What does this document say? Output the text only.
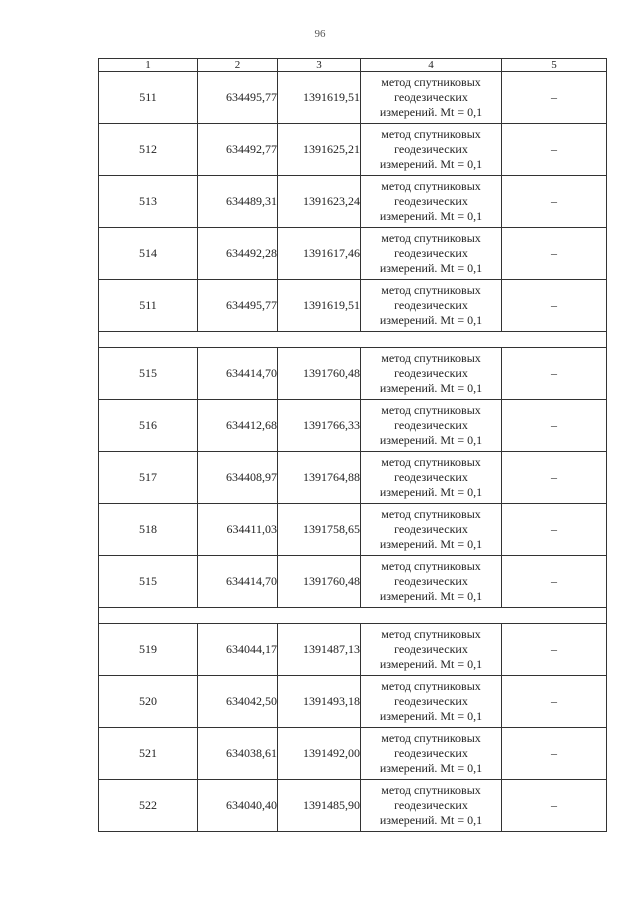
96
1	2	3	4	5
511	634495,77	1391619,51	метод спутниковых
геодезических
измерений. Mt = 0,1	–
512	634492,77	1391625,21	метод спутниковых
геодезических
измерений. Mt = 0,1	–
513	634489,31	1391623,24	метод спутниковых
геодезических
измерений. Mt = 0,1	–
514	634492,28	1391617,46	метод спутниковых
геодезических
измерений. Mt = 0,1	–
511	634495,77	1391619,51	метод спутниковых
геодезических
измерений. Mt = 0,1	–

515	634414,70	1391760,48	метод спутниковых
геодезических
измерений. Mt = 0,1	–
516	634412,68	1391766,33	метод спутниковых
геодезических
измерений. Mt = 0,1	–
517	634408,97	1391764,88	метод спутниковых
геодезических
измерений. Mt = 0,1	–
518	634411,03	1391758,65	метод спутниковых
геодезических
измерений. Mt = 0,1	–
515	634414,70	1391760,48	метод спутниковых
геодезических
измерений. Mt = 0,1	–

519	634044,17	1391487,13	метод спутниковых
геодезических
измерений. Mt = 0,1	–
520	634042,50	1391493,18	метод спутниковых
геодезических
измерений. Mt = 0,1	–
521	634038,61	1391492,00	метод спутниковых
геодезических
измерений. Mt = 0,1	–
522	634040,40	1391485,90	метод спутниковых
геодезических
измерений. Mt = 0,1	–
